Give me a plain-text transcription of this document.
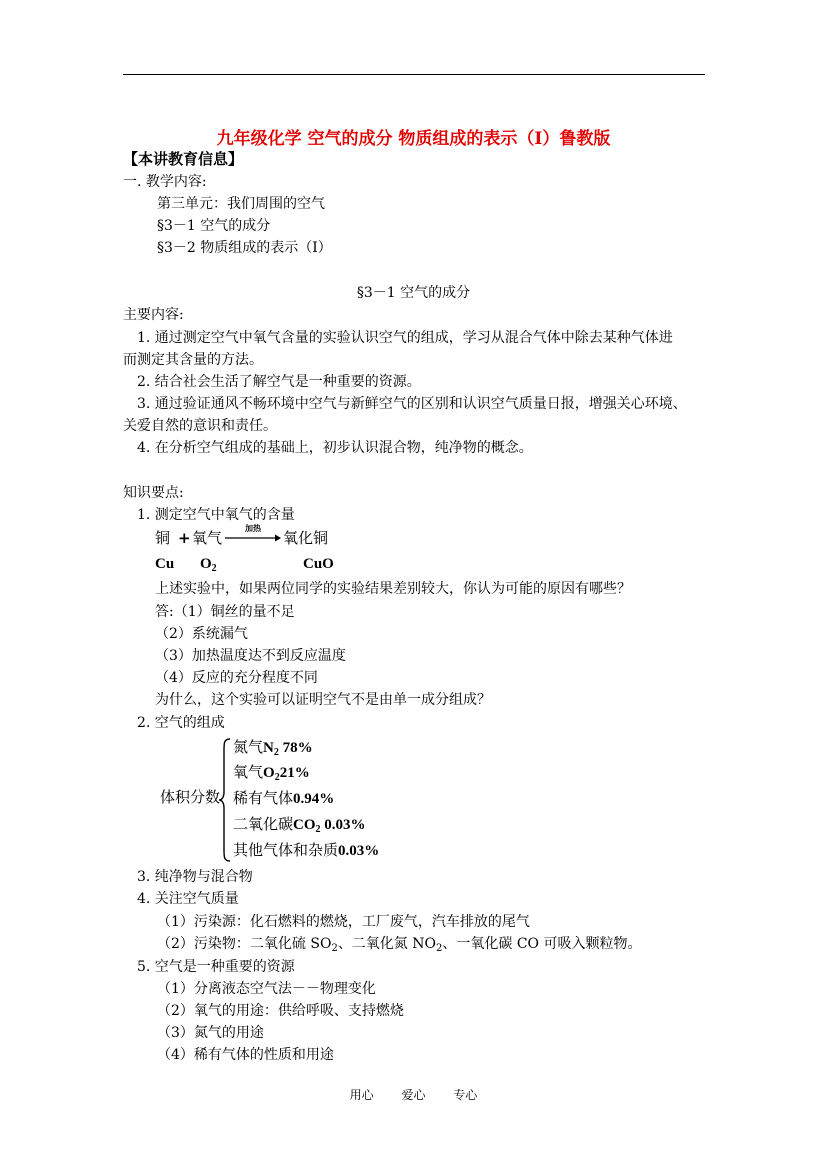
九年级化学 空气的成分 物质组成的表示（I）鲁教版
【本讲教育信息】
一. 教学内容:
第三单元：我们周围的空气
§3－1 空气的成分
§3－2 物质组成的表示（I）
§3－1 空气的成分
主要内容:
1. 通过测定空气中氧气含量的实验认识空气的组成，学习从混合气体中除去某种气体进
而测定其含量的方法。
2. 结合社会生活了解空气是一种重要的资源。
3. 通过验证通风不畅环境中空气与新鲜空气的区别和认识空气质量日报，增强关心环境、
关爱自然的意识和责任。
4. 在分析空气组成的基础上，初步认识混合物，纯净物的概念。
知识要点:
1. 测定空气中氧气的含量
铜 + 氧气
加热
氧化铜
Cu $O_2$	CuO
上述实验中，如果两位同学的实验结果差别较大，你认为可能的原因有哪些？
答:（1）铜丝的量不足
（2）系统漏气
（3）加热温度达不到反应温度
（4）反应的充分程度不同
为什么，这个实验可以证明空气不是由单一成分组成？
2. 空气的组成
体积分数
氮气$N_2$ 78%
氧气$O_221\%$
稀有气体0.94%
二氧化碳$CO_2$ 0.03%
其他气体和杂质0.03%
3. 纯净物与混合物
4. 关注空气质量
（1）污染源：化石燃料的燃烧，工厂废气，汽车排放的尾气
（2）污染物：二氧化硫 $SO_2$、二氧化氮 $NO_2$、一氧化碳 CO 可吸入颗粒物。
5. 空气是一种重要的资源
（1）分离液态空气法－－物理变化
（2）氧气的用途：供给呼吸、支持燃烧
（3）氮气的用途
（4）稀有气体的性质和用途
用心 爱心 专心
